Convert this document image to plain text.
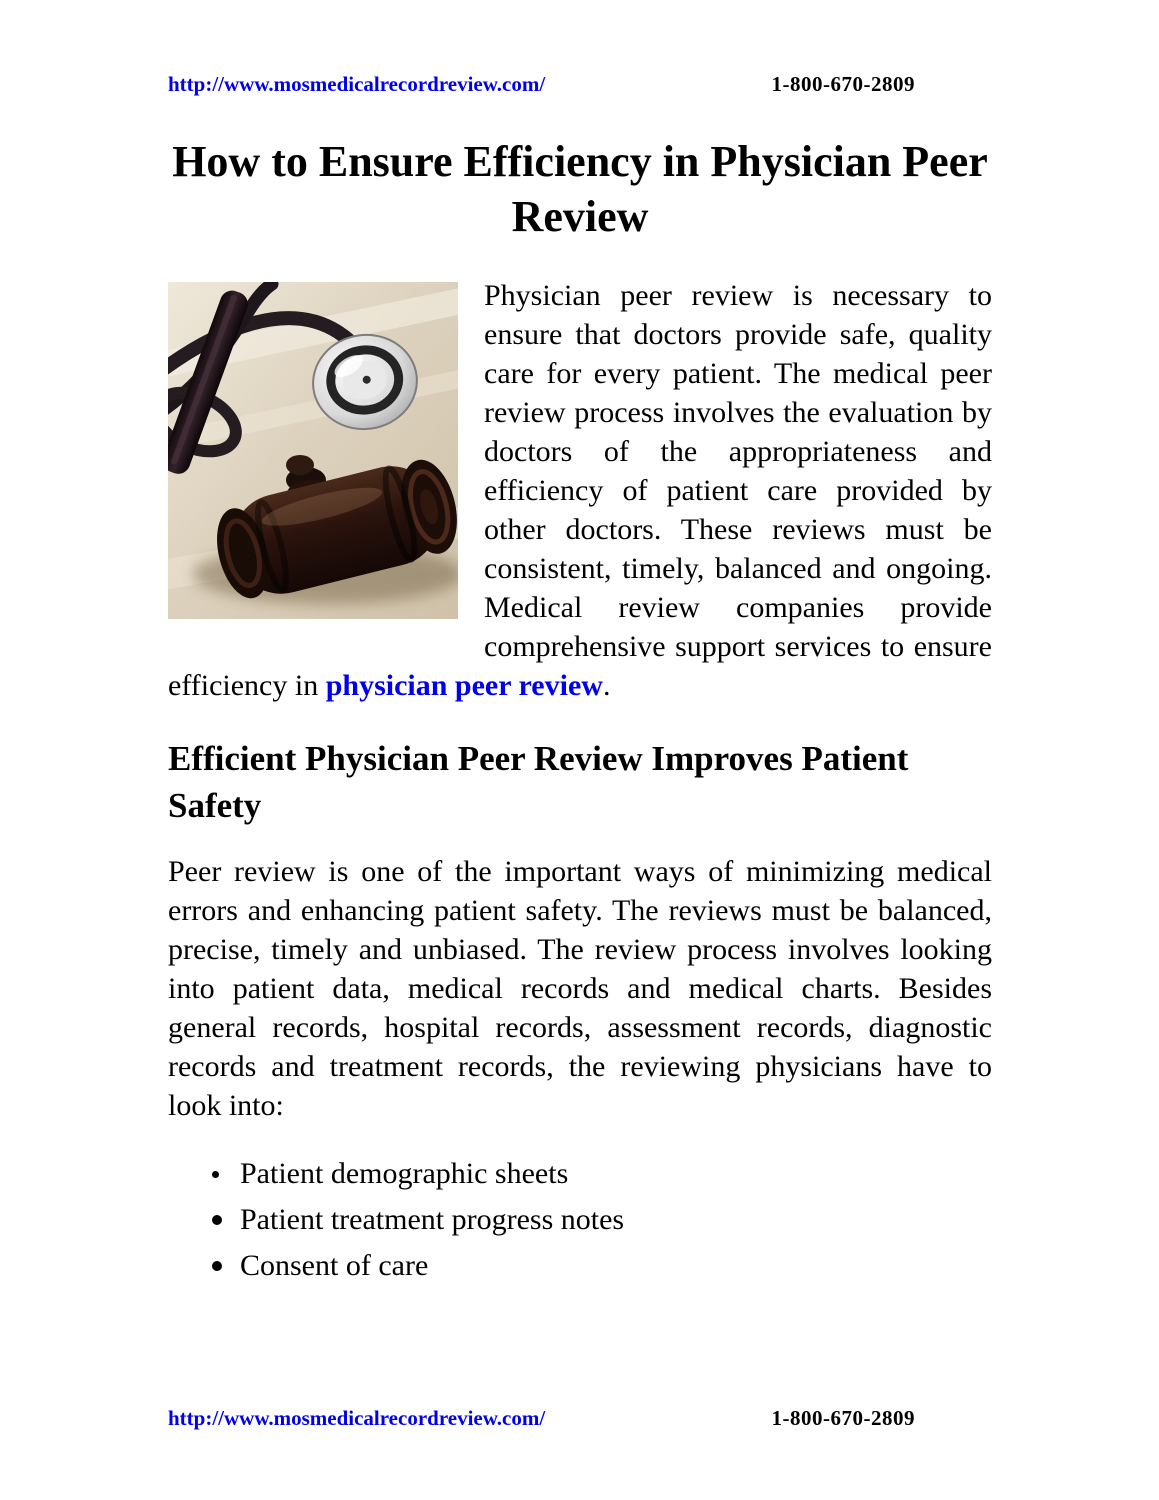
http://www.mosmedicalrecordreview.com/	1-800-670-2809
How to Ensure Efficiency in Physician Peer Review

Physician peer review is necessary to ensure that doctors provide safe, quality care for every patient. The medical peer review process involves the evaluation by doctors of the appropriateness and efficiency of patient care provided by other doctors. These reviews must be consistent, timely, balanced and ongoing. Medical review companies provide comprehensive support services to ensure efficiency in physician peer review.

Efficient Physician Peer Review Improves Patient Safety

Peer review is one of the important ways of minimizing medical errors and enhancing patient safety. The reviews must be balanced, precise, timely and unbiased. The review process involves looking into patient data, medical records and medical charts. Besides general records, hospital records, assessment records, diagnostic records and treatment records, the reviewing physicians have to look into:

Patient demographic sheets
Patient treatment progress notes
Consent of care
http://www.mosmedicalrecordreview.com/	1-800-670-2809
